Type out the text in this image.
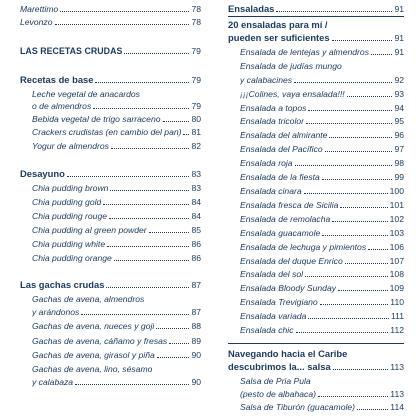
Marettimo	78
Levonzo	78
LAS RECETAS CRUDAS	79
Recetas de base	79
Leche vegetal de anacardos
o de almendros	79
Bebida vegetal de trigo sarraceno	80
Crackers crudistas (en cambio del pan) 81
Yogur de almendros	82
Desayuno	83
Chia pudding brown	83
Chia pudding gold	84
Chia pudding rouge	84
Chia pudding al green powder	85
Chia pudding white	86
Chia pudding orange	86
Las gachas crudas	87
Gachas de avena, almendros
y arándonos	87
Gachas de avena, nueces y goji	88
Gachas de avena, cáñamo y fresas	89
Gachas de avena, girasol y piña	90
Gachas de avena, lino, sésamo
y calabaza	90
Ensaladas	91
20 ensaladas para mí /
pueden ser suficientes	91
Ensalada de lentejas y almendros	91
Ensalada de judías mungo
y calabacines	92
¡¡¡Colines, vaya ensalada!!!	93
Ensalada a topos	94
Ensalada tricolor	95
Ensalada del almirante	96
Ensalada del Pacífico	97
Ensalada roja	98
Ensalada de la fiesta	99
Ensalada cinara	100
Ensalada fresca de Sicilia	101
Ensalada de remolacha	102
Ensalada guacamole	103
Ensalada de lechuga y pimientos	106
Ensalada del duque Enrico	107
Ensalada del sol	108
Ensalada Bloody Sunday	109
Ensalada Trevigiano	110
Ensalada variada	111
Ensalada chic	112
Navegando hacia el Caribe
descubrimos la... salsa	113
Salsa de Pria Pula
(pesto de albahaca)	113
Salsa de Tiburón (guacamole)	114
